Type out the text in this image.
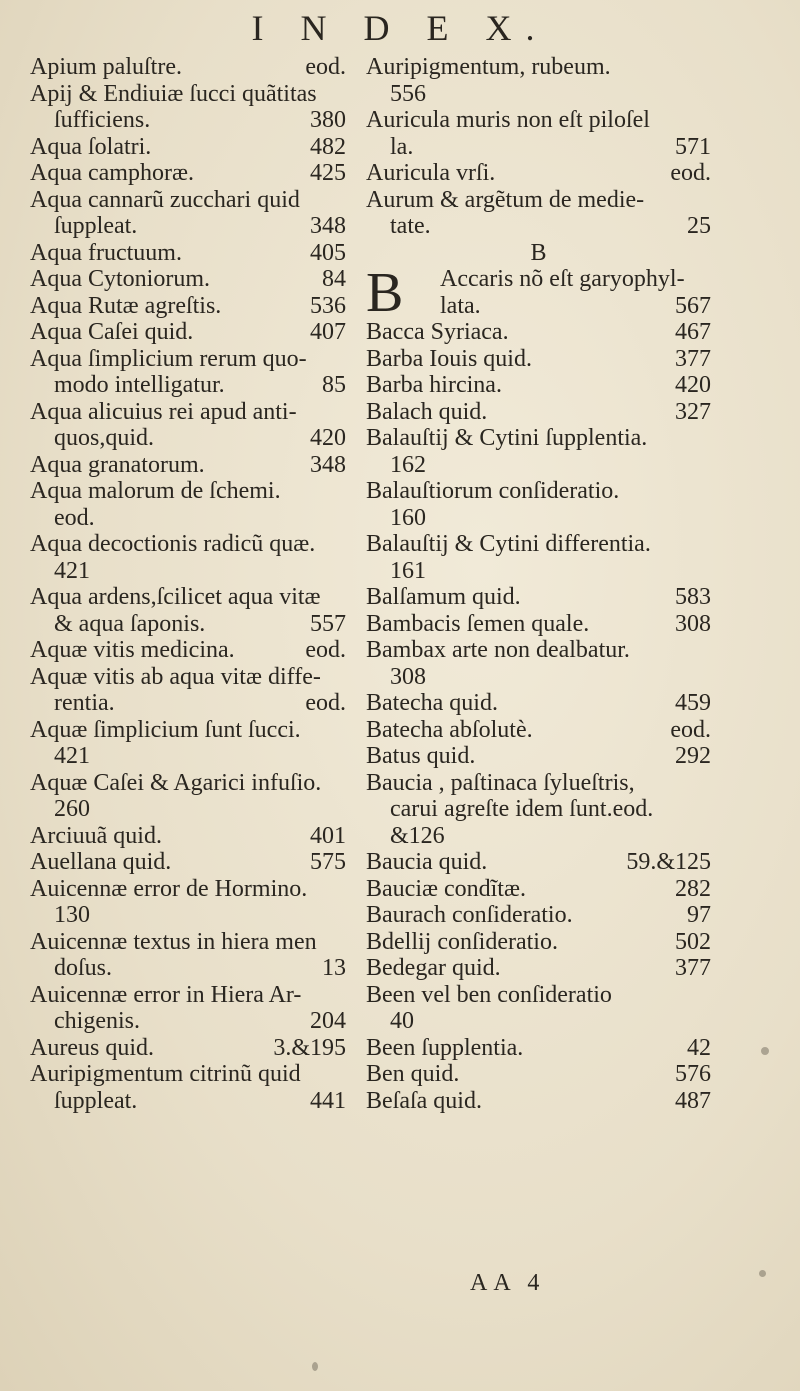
I N D E X.
Apium paluſtre.	eod.
Apij & Endiuiæ ſucci quãtitas
ſufficiens.	380
Aqua ſolatri.	482
Aqua camphoræ.	425
Aqua cannarũ zucchari quid
ſuppleat.	348
Aqua fructuum.	405
Aqua Cytoniorum.	84
Aqua Rutæ agreſtis.	536
Aqua Caſei quid.	407
Aqua ſimplicium rerum quo-
modo intelligatur.	85
Aqua alicuius rei apud anti-
quos,quid.	420
Aqua granatorum.	348
Aqua malorum de ſchemi.
eod.
Aqua decoctionis radicũ quæ.
421
Aqua ardens,ſcilicet aqua vitæ
& aqua ſaponis.	557
Aquæ vitis medicina.	eod.
Aquæ vitis ab aqua vitæ diffe-
rentia.	eod.
Aquæ ſimplicium ſunt ſucci.
421
Aquæ Caſei & Agarici infuſio.
260
Arciuuã quid.	401
Auellana quid.	575
Auicennæ error de Hormino.
130
Auicennæ textus in hiera men
doſus.	13
Auicennæ error in Hiera Ar-
chigenis.	204
Aureus quid.	3.&195
Auripigmentum citrinũ quid
ſuppleat.	441
Auripigmentum, rubeum.
556
Auricula muris non eſt piloſel
la.	571
Auricula vrſi.	eod.
Aurum & argẽtum de medie-
tate.	25
B
B Accaris nõ eſt garyophyl-
lata.	567
Bacca Syriaca.	467
Barba Iouis quid.	377
Barba hircina.	420
Balach quid.	327
Balauſtij & Cytini ſupplentia.
162
Balauſtiorum conſideratio.
160
Balauſtij & Cytini differentia.
161
Balſamum quid.	583
Bambacis ſemen quale.	308
Bambax arte non dealbatur.
308
Batecha quid.	459
Batecha abſolutè.	eod.
Batus quid.	292
Baucia , paſtinaca ſylueſtris,
carui agreſte idem ſunt.eod.
&126
Baucia quid.	59.&125
Bauciæ condĩtæ.	282
Baurach conſideratio.	97
Bdellij conſideratio.	502
Bedegar quid.	377
Been vel ben conſideratio
40
Been ſupplentia.	42
Ben quid.	576
Beſaſa quid.	487
AA 4
